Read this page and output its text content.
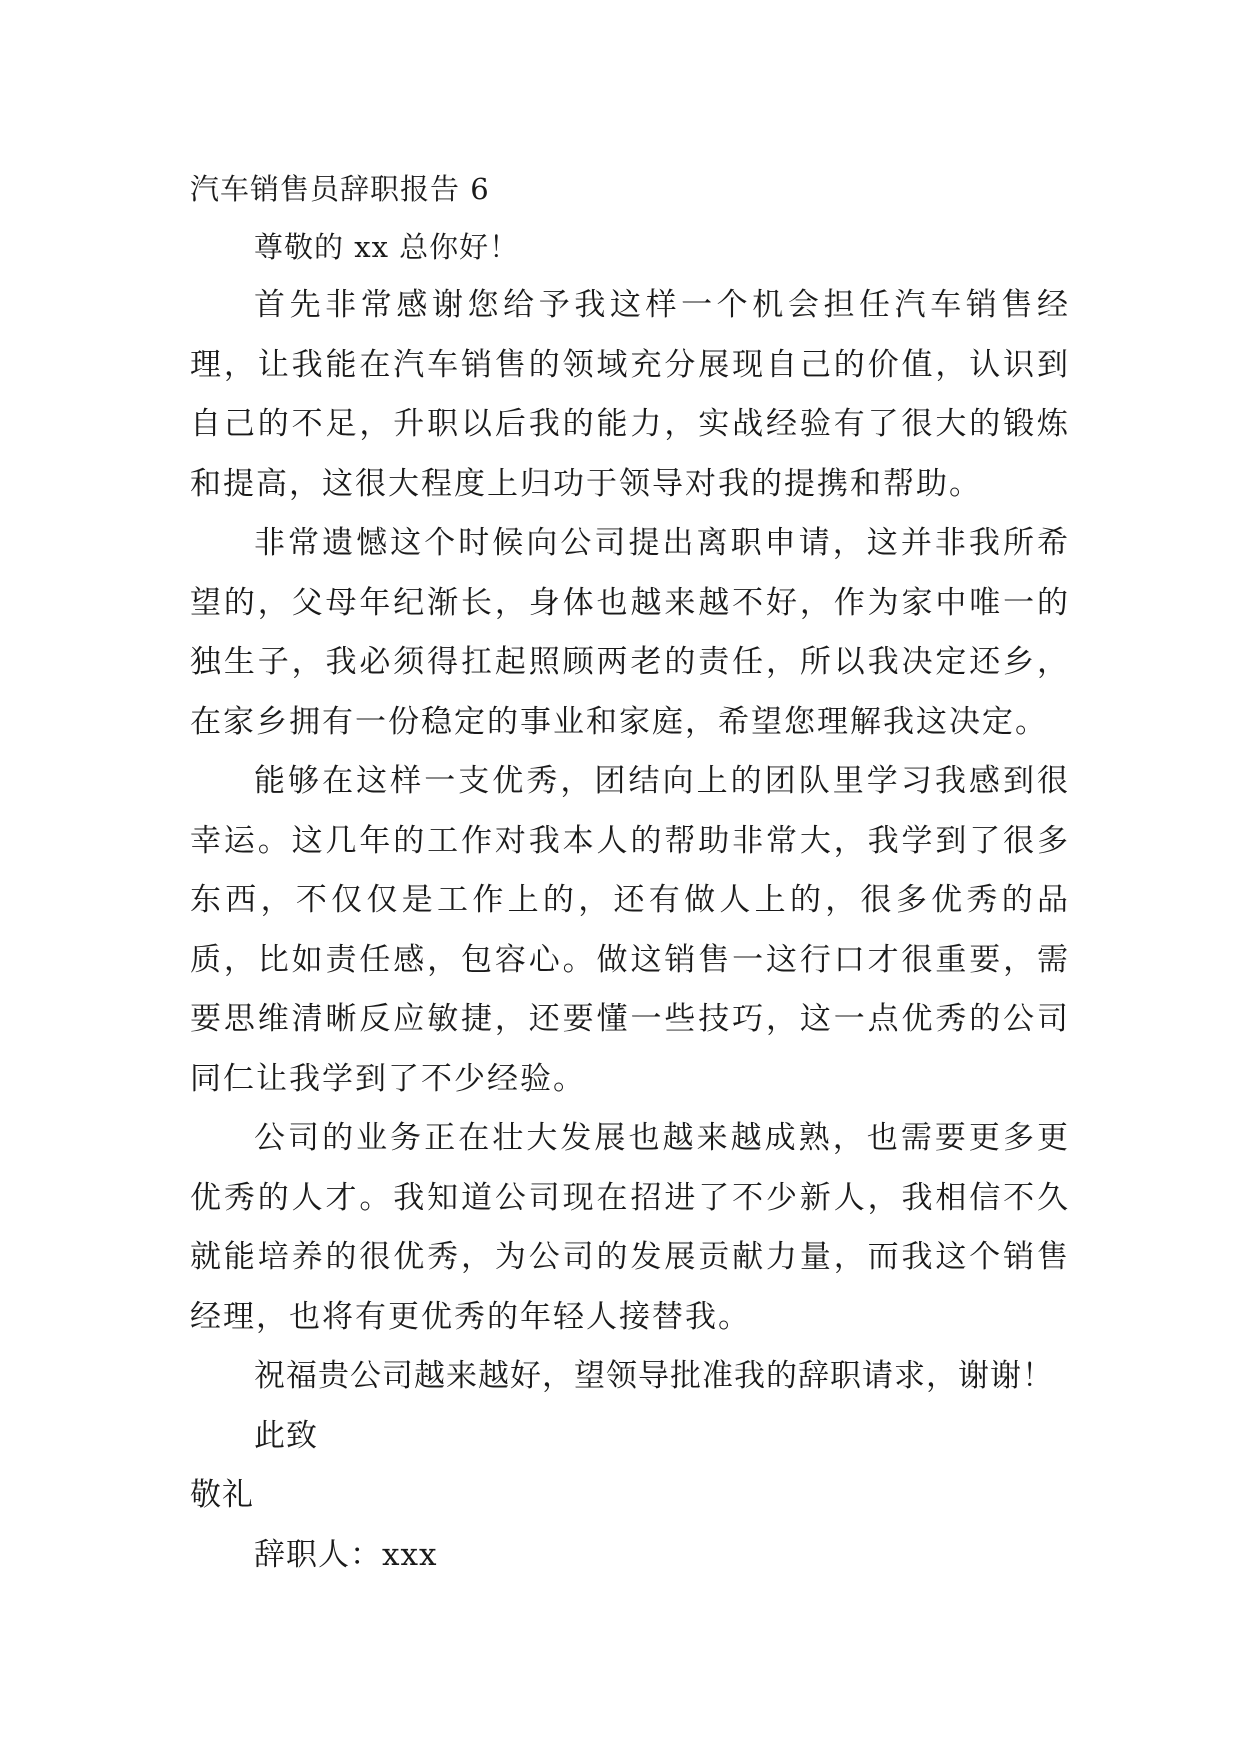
汽车销售员辞职报告 6

尊敬的 xx 总你好！

首先非常感谢您给予我这样一个机会担任汽车销售经理，让我能在汽车销售的领域充分展现自己的价值，认识到自己的不足，升职以后我的能力，实战经验有了很大的锻炼和提高，这很大程度上归功于领导对我的提携和帮助。

非常遗憾这个时候向公司提出离职申请，这并非我所希望的，父母年纪渐长，身体也越来越不好，作为家中唯一的独生子，我必须得扛起照顾两老的责任，所以我决定还乡，在家乡拥有一份稳定的事业和家庭，希望您理解我这决定。

能够在这样一支优秀，团结向上的团队里学习我感到很幸运。这几年的工作对我本人的帮助非常大，我学到了很多东西，不仅仅是工作上的，还有做人上的，很多优秀的品质，比如责任感，包容心。做这销售一这行口才很重要，需要思维清晰反应敏捷，还要懂一些技巧，这一点优秀的公司同仁让我学到了不少经验。

公司的业务正在壮大发展也越来越成熟，也需要更多更优秀的人才。我知道公司现在招进了不少新人，我相信不久就能培养的很优秀，为公司的发展贡献力量，而我这个销售经理，也将有更优秀的年轻人接替我。

祝福贵公司越来越好，望领导批准我的辞职请求，谢谢！

此致

敬礼

辞职人：xxx
